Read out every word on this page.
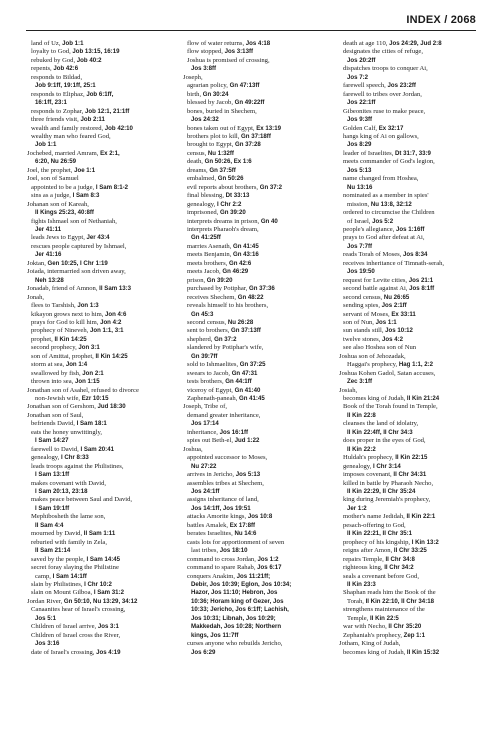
INDEX / 2068
land of Uz, Job 1:1
loyalty to God, Job 13:15, 16:19
rebuked by God, Job 40:2
repents, Job 42:6
responds to Bildad,
Job 9:1ff, 19:1ff, 25:1
responds to Eliphaz, Job 6:1ff,
16:1ff, 23:1
responds to Zophar, Job 12:1, 21:1ff
three friends visit, Job 2:11
wealth and family restored, Job 42:10
wealthy man who feared God,
Job 1:1
Jochebed, married Amram, Ex 2:1,
6:20, Nu 26:59
Joel, the prophet, Joe 1:1
Joel, son of Samuel
appointed to be a judge, I Sam 8:1-2
sins as a judge, I Sam 8:3
Johanan son of Kareah,
II Kings 25:23, 40:8ff
fights Ishmael son of Nethaniah,
Jer 41:11
leads Jews to Egypt, Jer 43:4
rescues people captured by Ishmael,
Jer 41:16
Joktan, Gen 10:25, I Chr 1:19
Joiada, intermarried son driven away,
Neh 13:28
Jonadab, friend of Amnon, II Sam 13:3
Jonah,
flees to Tarshish, Jon 1:3
kikayon grows next to him, Jon 4:6
prays for God to kill him, Jon 4:2
prophecy of Nineveh, Jon 1:1, 3:1
prophet, II Kin 14:25
second prophecy, Jon 3:1
son of Amittai, prophet, II Kin 14:25
storm at sea, Jon 1:4
swallowed by fish, Jon 2:1
thrown into sea, Jon 1:15
Jonathan son of Asahel, refused to divorce
non-Jewish wife, Ezr 10:15
Jonathan son of Gershom, Jud 18:30
Jonathan son of Saul,
befriends David, I Sam 18:1
eats the honey unwittingly,
I Sam 14:27
farewell to David, I Sam 20:41
genealogy, I Chr 8:33
leads troops against the Philistines,
I Sam 13:1ff
makes covenant with David,
I Sam 20:13, 23:18
makes peace between Saul and David,
I Sam 19:1ff
Mephibosheth the lame son,
II Sam 4:4
mourned by David, II Sam 1:11
reburied with family in Zela,
II Sam 21:14
saved by the people, I Sam 14:45
secret foray slaying the Philistine
camp, I Sam 14:1ff
slain by Philistines, I Chr 10:2
slain on Mount Gilboa, I Sam 31:2
Jordan River, Gn 50:10, Nu 13:29, 34:12
Canaanites hear of Israel's crossing,
Jos 5:1
Children of Israel arrive, Jos 3:1
Children of Israel cross the River,
Jos 3:16
date of Israel's crossing, Jos 4:19
flow of water returns, Jos 4:18
flow stopped, Jos 3:13ff
Joshua is promised of crossing,
Jos 3:8ff
Joseph,
agrarian policy, Gn 47:13ff
birth, Gn 30:24
blessed by Jacob, Gn 49:22ff
bones, buried in Shechem,
Jos 24:32
bones taken out of Egypt, Ex 13:19
brothers plot to kill, Gn 37:18ff
brought to Egypt, Gn 37:28
census, Nu 1:32ff
death, Gn 50:26, Ex 1:6
dreams, Gn 37:5ff
embalmed, Gn 50:26
evil reports about brothers, Gn 37:2
final blessing, Dt 33:13
genealogy, I Chr 2:2
imprisoned, Gn 39:20
interprets dreams in prison, Gn 40
interprets Pharaoh's dream,
Gn 41:25ff
marries Asenath, Gn 41:45
meets Benjamin, Gn 43:16
meets brothers, Gn 42:6
meets Jacob, Gn 46:29
prison, Gn 39:20
purchased by Potiphar, Gn 37:36
receives Shechem, Gn 48:22
reveals himself to his brothers,
Gn 45:3
second census, Nu 26:28
sent to brothers, Gn 37:13ff
shepherd, Gn 37:2
slandered by Potiphar's wife,
Gn 39:7ff
sold to Ishmaelites, Gn 37:25
swears to Jacob, Gn 47:31
tests brothers, Gn 44:1ff
viceroy of Egypt, Gn 41:40
Zaphenath-paneah, Gn 41:45
Joseph, Tribe of,
demand greater inheritance,
Jos 17:14
inheritance, Jos 16:1ff
spies out Beth-el, Jud 1:22
Joshua,
appointed successor to Moses,
Nu 27:22
arrives in Jericho, Jos 5:13
assembles tribes at Shechem,
Jos 24:1ff
assigns inheritance of land,
Jos 14:1ff, Jos 19:51
attacks Amorite kings, Jos 10:8
battles Amalek, Ex 17:8ff
berates Israelites, Nu 14:6
casts lots for apportionment of seven
last tribes, Jos 18:10
command to cross Jordan, Jos 1:2
command to spare Rahab, Jos 6:17
conquers Anakim, Jos 11:21ff;
Debir, Jos 10:39; Eglon, Jos 10:34;
Hazor, Jos 11:10; Hebron, Jos
10:36; Horam king of Gezer, Jos
10:33; Jericho, Jos 6:1ff; Lachish,
Jos 10:31; Libnah, Jos 10:29;
Makkedah, Jos 10:28; Northern
kings, Jos 11:7ff
curses anyone who rebuilds Jericho,
Jos 6:29
death at age 110, Jos 24:29, Jud 2:8
designates the cities of refuge,
Jos 20:2ff
dispatches troops to conquer Ai,
Jos 7:2
farewell speech, Jos 23:2ff
farewell to tribes over Jordan,
Jos 22:1ff
Gibeonites ruse to make peace,
Jos 9:3ff
Golden Calf, Ex 32:17
hangs king of Ai on gallows,
Jos 8:29
leader of Israelites, Dt 31:7, 33:9
meets commander of God's legion,
Jos 5:13
name changed from Hoshea,
Nu 13:16
nominated as a member in spies'
mission, Nu 13:8, 32:12
ordered to circumcise the Children
of Israel, Jos 5:2
people's allegiance, Jos 1:16ff
prays to God after defeat at Ai,
Jos 7:7ff
reads Torah of Moses, Jos 8:34
receives inheritance of Timnath-serah,
Jos 19:50
request for Levite cities, Jos 21:1
second battle against Ai, Jos 8:1ff
second census, Nu 26:65
sending spies, Jos 2:1ff
servant of Moses, Ex 33:11
son of Nun, Jos 1:1
sun stands still, Jos 10:12
twelve stones, Jos 4:2
see also Hoshea son of Nun
Joshua son of Jehozadak,
Haggai's prophecy, Hag 1:1, 2:2
Joshua Kohen Gadol, Satan accuses,
Zec 3:1ff
Josiah,
becomes king of Judah, II Kin 21:24
Book of the Torah found in Temple,
II Kin 22:8
cleanses the land of idolatry,
II Kin 22:4ff, II Chr 34:3
does proper in the eyes of God,
II Kin 22:2
Huldah's prophecy, II Kin 22:15
genealogy, I Chr 3:14
imposes covenant, II Chr 34:31
killed in battle by Pharaoh Necho,
II Kin 22:29, II Chr 35:24
king during Jeremiah's prophecy,
Jer 1:2
mother's name Jedidah, II Kin 22:1
pesach-offering to God,
II Kin 22:21, II Chr 35:1
prophecy of his kingship, I Kin 13:2
reigns after Amon, II Chr 33:25
repairs Temple, II Chr 34:8
righteous king, II Chr 34:2
seals a covenant before God,
II Kin 23:3
Shaphan reads him the Book of the
Torah, II Kin 22:10, II Chr 34:18
strengthens maintenance of the
Temple, II Kin 22:5
war with Necho, II Chr 35:20
Zephaniah's prophecy, Zep 1:1
Jotham, King of Judah,
becomes king of Judah, II Kin 15:32
